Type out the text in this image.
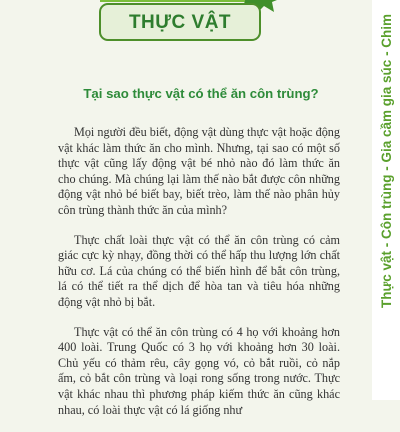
THỰC VẬT
Tại sao thực vật có thể ăn côn trùng?

Mọi người đều biết, động vật dùng thực vật hoặc động vật khác làm thức ăn cho mình. Nhưng, tại sao có một số thực vật cũng lấy động vật bé nhỏ nào đó làm thức ăn cho chúng. Mà chúng lại làm thế nào bắt được côn những động vật nhỏ bé biết bay, biết trèo, làm thế nào phân hủy côn trùng thành thức ăn của mình?

Thực chất loài thực vật có thể ăn côn trùng có cảm giác cực kỳ nhạy, đồng thời có thể hấp thu lượng lớn chất hữu cơ. Lá của chúng có thể biến hình để bắt côn trùng, lá có thể tiết ra thể dịch để hòa tan và tiêu hóa những động vật nhỏ bị bắt.

Thực vật có thể ăn côn trùng có 4 họ với khoảng hơn 400 loài. Trung Quốc có 3 họ với khoảng hơn 30 loài. Chủ yếu có thảm rêu, cây gọng vó, cỏ bắt ruồi, cỏ nắp ấm, cỏ bắt côn trùng và loại rong sống trong nước. Thực vật khác nhau thì phương pháp kiếm thức ăn cũng khác nhau, có loài thực vật có lá giống như

Thực vật - Côn trùng - Gia cầm gia súc - Chim
